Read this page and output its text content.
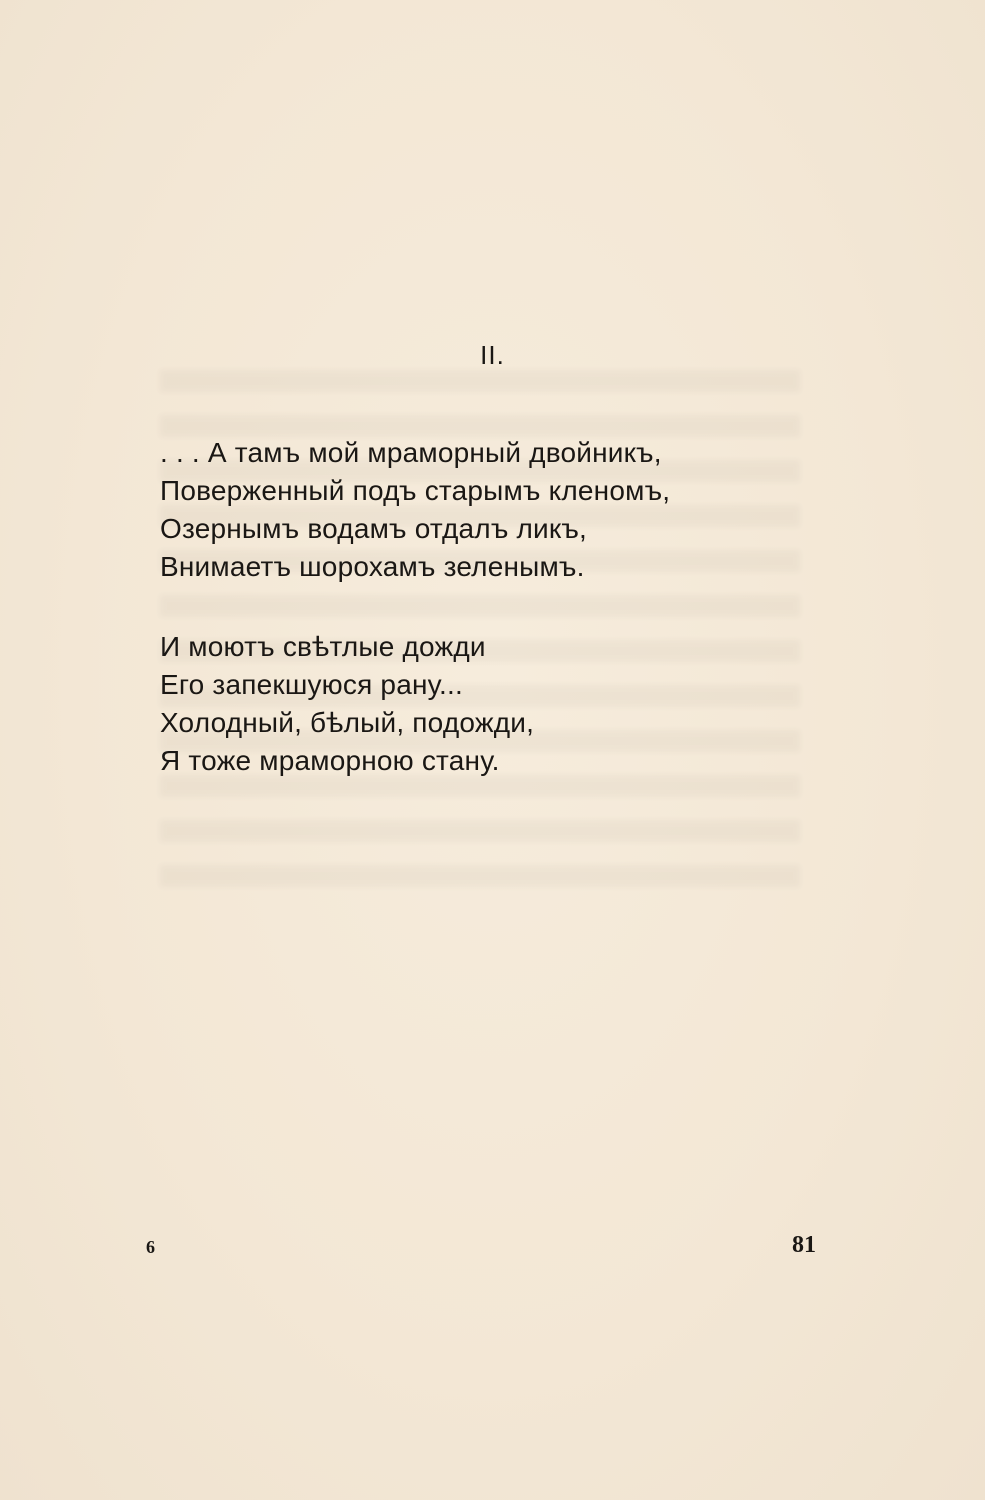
II.
. . . А тамъ мой мраморный двойникъ,
Поверженный подъ старымъ кленомъ,
Озернымъ водамъ отдалъ ликъ,
Внимаетъ шорохамъ зеленымъ.
И моютъ свѣтлые дожди
Его запекшуюся рану...
Холодный, бѣлый, подожди,
Я тоже мраморною стану.
6	81
